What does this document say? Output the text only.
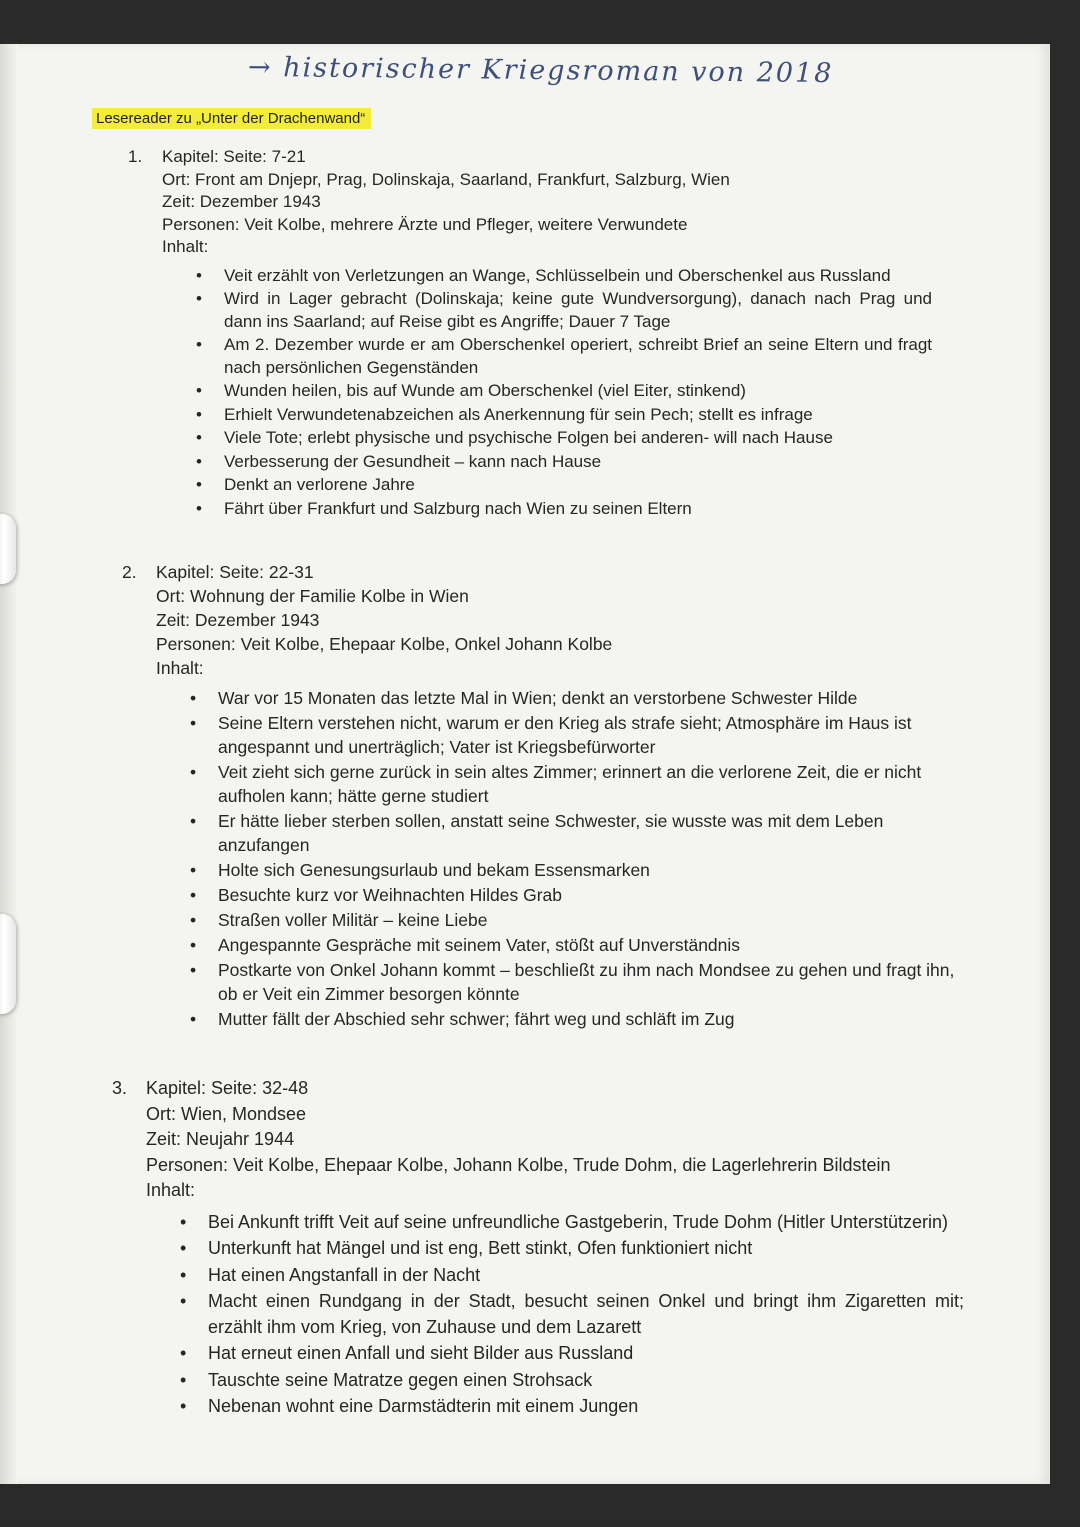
→ historischer Kriegsroman von 2018
Lesereader zu „Unter der Drachenwand“
1. Kapitel: Seite: 7-21
Ort: Front am Dnjepr, Prag, Dolinskaja, Saarland, Frankfurt, Salzburg, Wien
Zeit: Dezember 1943
Personen: Veit Kolbe, mehrere Ärzte und Pfleger, weitere Verwundete
Inhalt:
• Veit erzählt von Verletzungen an Wange, Schlüsselbein und Oberschenkel aus Russland
• Wird in Lager gebracht (Dolinskaja; keine gute Wundversorgung), danach nach Prag und dann ins Saarland; auf Reise gibt es Angriffe; Dauer 7 Tage
• Am 2. Dezember wurde er am Oberschenkel operiert, schreibt Brief an seine Eltern und fragt nach persönlichen Gegenständen
• Wunden heilen, bis auf Wunde am Oberschenkel (viel Eiter, stinkend)
• Erhielt Verwundetenabzeichen als Anerkennung für sein Pech; stellt es infrage
• Viele Tote; erlebt physische und psychische Folgen bei anderen- will nach Hause
• Verbesserung der Gesundheit – kann nach Hause
• Denkt an verlorene Jahre
• Fährt über Frankfurt und Salzburg nach Wien zu seinen Eltern
2. Kapitel: Seite: 22-31
Ort: Wohnung der Familie Kolbe in Wien
Zeit: Dezember 1943
Personen: Veit Kolbe, Ehepaar Kolbe, Onkel Johann Kolbe
Inhalt:
• War vor 15 Monaten das letzte Mal in Wien; denkt an verstorbene Schwester Hilde
• Seine Eltern verstehen nicht, warum er den Krieg als strafe sieht; Atmosphäre im Haus ist angespannt und unerträglich; Vater ist Kriegsbefürworter
• Veit zieht sich gerne zurück in sein altes Zimmer; erinnert an die verlorene Zeit, die er nicht aufholen kann; hätte gerne studiert
• Er hätte lieber sterben sollen, anstatt seine Schwester, sie wusste was mit dem Leben anzufangen
• Holte sich Genesungsurlaub und bekam Essensmarken
• Besuchte kurz vor Weihnachten Hildes Grab
• Straßen voller Militär – keine Liebe
• Angespannte Gespräche mit seinem Vater, stößt auf Unverständnis
• Postkarte von Onkel Johann kommt – beschließt zu ihm nach Mondsee zu gehen und fragt ihn, ob er Veit ein Zimmer besorgen könnte
• Mutter fällt der Abschied sehr schwer; fährt weg und schläft im Zug
3. Kapitel: Seite: 32-48
Ort: Wien, Mondsee
Zeit: Neujahr 1944
Personen: Veit Kolbe, Ehepaar Kolbe, Johann Kolbe, Trude Dohm, die Lagerlehrerin Bildstein
Inhalt:
• Bei Ankunft trifft Veit auf seine unfreundliche Gastgeberin, Trude Dohm (Hitler Unterstützerin)
• Unterkunft hat Mängel und ist eng, Bett stinkt, Ofen funktioniert nicht
• Hat einen Angstanfall in der Nacht
• Macht einen Rundgang in der Stadt, besucht seinen Onkel und bringt ihm Zigaretten mit; erzählt ihm vom Krieg, von Zuhause und dem Lazarett
• Hat erneut einen Anfall und sieht Bilder aus Russland
• Tauschte seine Matratze gegen einen Strohsack
• Nebenan wohnt eine Darmstädterin mit einem Jungen
